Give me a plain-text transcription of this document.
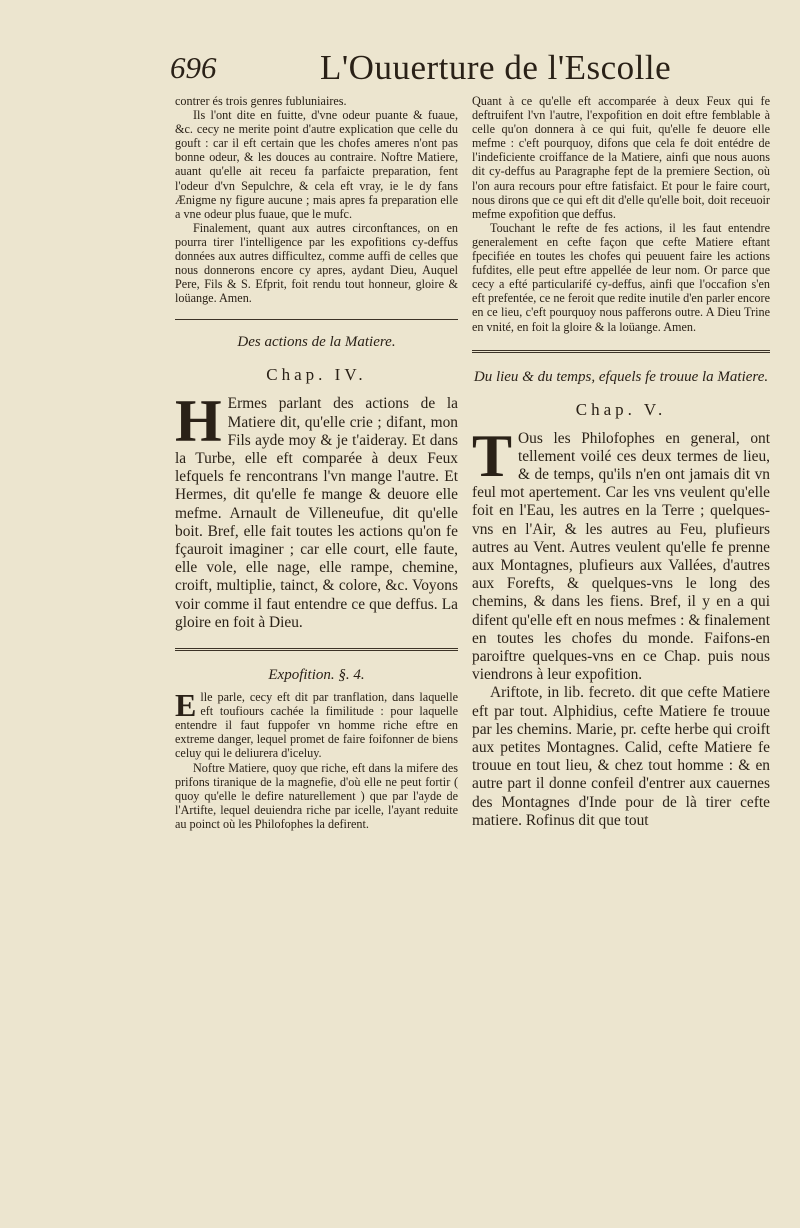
696	L'Ouuerture de l'Escolle

contrer és trois genres fubluniaires.

Ils l'ont dite en fuitte, d'vne odeur puante & fuaue, &c. cecy ne merite point d'autre explication que celle du gouft : car il eft certain que les chofes ameres n'ont pas bonne odeur, & les douces au contraire. Noftre Matiere, auant qu'elle ait receu fa parfaicte preparation, fent l'odeur d'vn Sepulchre, & cela eft vray, ie le dy fans Ænigme ny figure aucune ; mais apres fa preparation elle a vne odeur plus fuaue, que le mufc.

Finalement, quant aux autres circonftances, on en pourra tirer l'intelligence par les expofitions cy-deffus données aux autres difficultez, comme auffi de celles que nous donnerons encore cy apres, aydant Dieu, Auquel Pere, Fils & S. Efprit, foit rendu tout honneur, gloire & loüange. Amen.

Des actions de la Matiere.
Chap. IV.

H Ermes parlant des actions de la Matiere dit, qu'elle crie ; difant, mon Fils ayde moy & je t'aideray. Et dans la Turbe, elle eft comparée à deux Feux lefquels fe rencontrans l'vn mange l'autre. Et Hermes, dit qu'elle fe mange & deuore elle mefme. Arnault de Villeneufue, dit qu'elle boit. Bref, elle fait toutes les actions qu'on fe fçauroit imaginer ; car elle court, elle faute, elle vole, elle nage, elle rampe, chemine, croift, multiplie, tainct, & colore, &c. Voyons voir comme il faut entendre ce que deffus. La gloire en foit à Dieu.

Expofition. §. 4.

Elle parle, cecy eft dit par tranflation, dans laquelle eft toufiours cachée la fimilitude : pour laquelle entendre il faut fuppofer vn homme riche eftre en extreme danger, lequel promet de faire foifonner de biens celuy qui le deliurera d'iceluy.

Noftre Matiere, quoy que riche, eft dans la mifere des prifons tiranique de la magnefie, d'où elle ne peut fortir ( quoy qu'elle le defire naturellement ) que par l'ayde de l'Artifte, lequel deuiendra riche par icelle, l'ayant reduite au poinct où les Philofophes la defirent.

Quant à ce qu'elle eft accomparée à deux Feux qui fe deftruifent l'vn l'autre, l'expofition en doit eftre femblable à celle qu'on donnera à ce qui fuit, qu'elle fe deuore elle mefme : c'eft pourquoy, difons que cela fe doit entédre de l'indeficiente croiffance de la Matiere, ainfi que nous auons dit cy-deffus au Paragraphe fept de la premiere Section, où l'on aura recours pour eftre fatisfaict. Et pour le faire court, nous dirons que ce qui eft dit d'elle qu'elle boit, doit receuoir mefme expofition que deffus.

Touchant le refte de fes actions, il les faut entendre generalement en cefte façon que cefte Matiere eftant fpecifiée en toutes les chofes qui peuuent faire les actions fufdites, elle peut eftre appellée de leur nom. Or parce que cecy a efté particularifé cy-deffus, ainfi que l'occafion s'en eft prefentée, ce ne feroit que redite inutile d'en parler encore en ce lieu, c'eft pourquoy nous pafferons outre. A Dieu Trine en vnité, en foit la gloire & la loüange. Amen.

Du lieu & du temps, efquels fe trouue la Matiere.
Chap. V.

T Ous les Philofophes en general, ont tellement voilé ces deux termes de lieu, & de temps, qu'ils n'en ont jamais dit vn feul mot apertement. Car les vns veulent qu'elle foit en l'Eau, les autres en la Terre ; quelques-vns en l'Air, & les autres au Feu, plufieurs autres au Vent. Autres veulent qu'elle fe prenne aux Montagnes, plufieurs aux Vallées, d'autres aux Forefts, & quelques-vns le long des chemins, & dans les fiens. Bref, il y en a qui difent qu'elle eft en nous mefmes : & finalement en toutes les chofes du monde. Faifons-en paroiftre quelques-vns en ce Chap. puis nous viendrons à leur expofition.

Ariftote, in lib. fecreto. dit que cefte Matiere eft par tout. Alphidius, cefte Matiere fe trouue par les chemins. Marie, pr. cefte herbe qui croift aux petites Montagnes. Calid, cefte Matiere fe trouue en tout lieu, & chez tout homme : & en autre part il donne confeil d'entrer aux cauernes des Montagnes d'Inde pour de là tirer cefte matiere. Rofinus dit que tout
